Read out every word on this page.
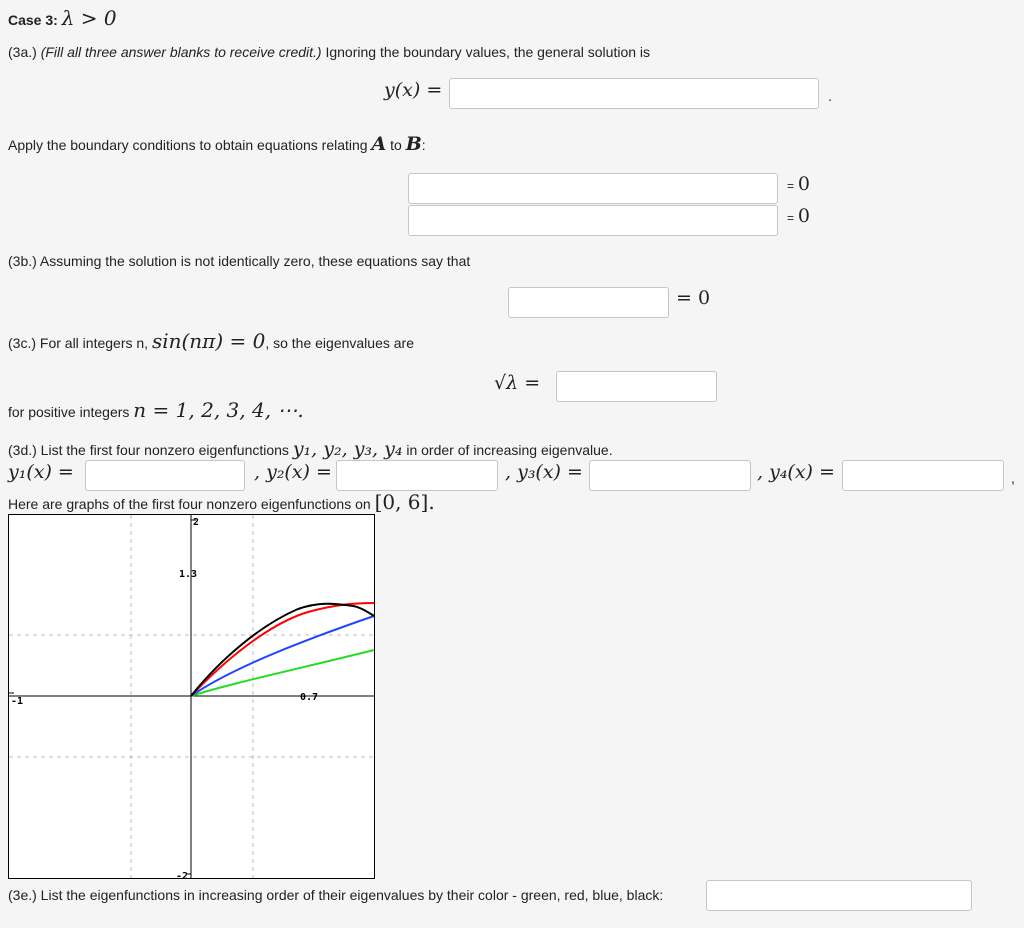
Case 3: λ > 0
(3a.) (Fill all three answer blanks to receive credit.) Ignoring the boundary values, the general solution is
y(x) =	.
Apply the boundary conditions to obtain equations relating A to B:
= 0
= 0
(3b.) Assuming the solution is not identically zero, these equations say that
= 0
(3c.) For all integers n, sin(nπ) = 0, so the eigenvalues are
√λ =
for positive integers n = 1, 2, 3, 4, ⋯.
(3d.) List the first four nonzero eigenfunctions y₁, y₂, y₃, y₄ in order of increasing eigenvalue.
y₁(x) =	, y₂(x) =	, y₃(x) =	, y₄(x) =	,
Here are graphs of the first four nonzero eigenfunctions on [0, 6].
2
-2
-1
1.3
0.7
(3e.) List the eigenfunctions in increasing order of their eigenvalues by their color - green, red, blue, black:
